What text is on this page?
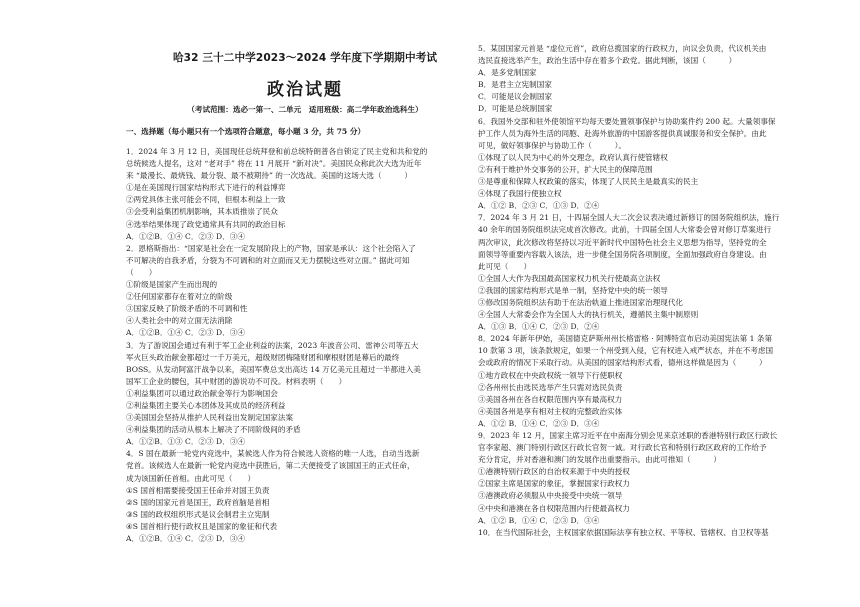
哈32 三十二中学2023～2024 学年度下学期期中考试
政治试题
（考试范围：选必一第一、二单元　适用班级：高二学年政治选科生）
一、选择题（每小题只有一个选项符合题意，每小题 3 分，共 75 分）
1．2024 年 3 月 12 日，美国现任总统拜登和前总统特朗普各自锁定了民主党和共和党的
总统候选人提名，这对 “老对手” 将在 11 月展开 “新对决”。美国民众称此次大选为近年
来 “最漫长、最烧钱、最分裂、最不被期待” 的一次选战。美国的这场大选（　　　）
①是在美国现行国家结构形式下进行的利益博弈
②两党具体主张可能会不同，但根本利益上一致
③会受利益集团机制影响，其本质推崇了民众
④选举结果体现了政党通常具有共同的政治目标
A．①②B．①④ C．②③ D．③④
2．恩格斯指出：“国家是社会在一定发展阶段上的产物，国家是承认：这个社会陷入了
不可解决的自我矛盾，分裂为不可调和的对立面而又无力摆脱这些对立面。” 据此可知
（　　）
①阶级是国家产生而出现的
②任何国家都存在着对立的阶级
③国家反映了阶级矛盾的不可调和性
④人类社会中的对立面无法消除
A．①②B．①④ C．②③ D．③④
3．为了游说国会通过有利于军工企业利益的法案，2023 年波音公司、雷神公司等五大
军火巨头政治献金都超过一千万美元，超级财团梅隆财团和摩根财团是幕后的最终
BOSS。从发动阿富汗战争以来，美国军费总支出高达 14 万亿美元且超过一半都进入美
国军工企业的腰包，其中财团的游说功不可没。材料表明（　　）
①利益集团可以通过政治献金等行为影响国会
②利益集团主要关心本团体及其成员的经济利益
③美国国会坚持从推护人民利益出发制定国家法案
④利益集团的活动从根本上解决了不同阶级间的矛盾
A．①②B．①③ C．②③ D．③④
4．S 国在最新一轮党内竞选中，某候选人作为符合候选人资格的唯一人选，自动当选新
党首。该候选人在最新一轮党内竞选中获胜后，第二天便接受了该国国王的正式任命，
成为该国新任首相。由此可见（　　）
①S 国首相需要接受国王任命并对国王负责
②S 国的国家元首是国王，政府首脑是首相
③S 国的政权组织形式是议会制君主立宪制
④S 国首相行使行政权且是国家的象征和代表
A．①②B．①④ C．②③ D．③④
5．某国国家元首是 “虚位元首”，政府总揽国家的行政权力，向议会负责，代议机关由
选民直接选举产生，政治生活中存在着多个政党。据此判断，该国（　　　）
A．是多党制国家
B．是君主立宪制国家
C．可能是议会制国家
D．可能是总统制国家
6．我国外交部和驻外使领馆平均每天要处置领事保护与协助案件约 200 起。大量领事保
护工作人员为海外生活的同胞、赴海外旅游的中国游客提供真诚服务和安全保护。由此
可见，做好领事保护与协助工作（　　　）。
①体现了以人民为中心的外交理念，政府认真行使管辖权
②有利于维护外交事务的公开，扩大民主的保障范围
③是尊重和保障人权政策的落实，体现了人民民主是最真实的民主
④体现了我国行使独立权
A．①② B．②③ C．①③ D．②④
7．2024 年 3 月 21 日，十四届全国人大二次会议表决通过新修订的国务院组织法，施行
40 余年的国务院组织法完成首次修改。此前，十四届全国人大常委会曾对修订草案进行
两次审议，此次修改将坚持以习近平新时代中国特色社会主义思想为指导，坚持党的全
面领导等重要内容载入该法，进一步健全国务院各项制度，全面加强政府自身建设。由
此可见（　　）
①全国人大作为我国最高国家权力机关行使最高立法权
②我国的国家结构形式是单一制，坚持党中央的统一领导
③修改国务院组织法有助于在法治轨道上推进国家治理现代化
④全国人大常委会作为全国人大的执行机关，遵循民主集中制原则
A．①③ B．①④ C．②③ D．②④
8．2024 年新年伊始，美国德克萨斯州州长格雷格 · 阿博特宣布启动美国宪法第 1 条第
10 款第 3 项，该条款规定，如果一个州受到入侵，它有权进入戒严状态，并在不考虑国
会或政府的情况下采取行动。从美国的国家结构形式看，德州这样做是因为（　　　）
①地方政权在中央政权统一领导下行使职权
②各州州长由选民选举产生只需对选民负责
③美国各州在各自权限范围内享有最高权力
④美国各州是享有相对主权的完整政治实体
A．①② B．①④ C．②③ D．③④
9．2023 年 12 月，国家主席习近平在中南海分别会见来京述职的香港特别行政区行政长
官李家超、澳门特别行政区行政长官贺一诚。对行政长官和特别行政区政府的工作给予
充分肯定，并对香港和澳门的发展作出重要指示。由此可推知（　　　）
①港澳特别行政区的自治权来源于中央的授权
②国家主席是国家的象征，掌握国家行政权力
③港澳政府必须服从中央接受中央统一领导
④中央和港澳在各自权限范围内行使最高权力
A．①② B．①④ C．②③ D．③④
10．在当代国际社会，主权国家依据国际法享有独立权、平等权、管辖权、自卫权等基
